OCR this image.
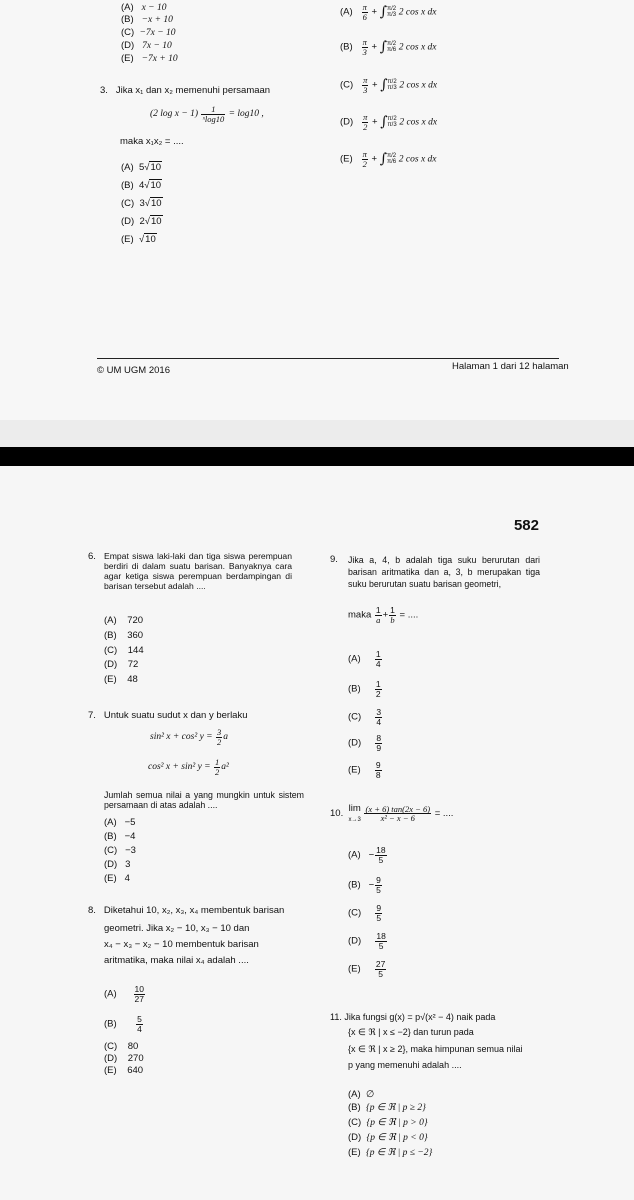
(A) x − 10
(B) −x + 10
(C) −7x − 10
(D) 7x − 10
(E) −7x + 10
3. Jika x₁ dan x₂ memenuhi persamaan
(2 $\log x - 1) \frac{1}{\text{ˣlog10}} = \log 10$ ,
maka x₁x₂ = ....
(A) 5√10
(B) 4√10
(C) 3√10
(D) 2√10
(E) √10
$(A) \frac{\pi}{6} + \int\pi/2$
π/3 2 cos x dx
$(B) \frac{\pi}{3} + \int\pi/2$
π/6 2 cos x dx
$(C) \frac{\pi}{3} + \int\pi/2$
π/3 2 cos x dx
$(D) \frac{\pi}{2} + \int\pi/2$
π/3 2 cos x dx
$(E) \frac{\pi}{2} + \int\pi/2$
π/6 2 cos x dx
© UM UGM 2016	Halaman 1 dari 12 halaman
582
6. Empat siswa laki-laki dan tiga siswa perempuan berdiri di dalam suatu barisan. Banyaknya cara agar ketiga siswa perempuan berdampingan di barisan tersebut adalah ....
(A) 720
(B) 360
(C) 144
(D) 72
(E) 48
7. Untuk suatu sudut x dan y berlaku
sin² x + cos² $y = \frac{3}{2}$ a
cos² x + sin² $y = \frac{1}{2} a^2$
Jumlah semua nilai a yang mungkin untuk sistem persamaan di atas adalah ....
(A) −5
(B) −4
(C) −3
(D) 3
(E) 4
8. Diketahui 10, x₂, x₃, x₄ membentuk barisan
geometri. Jika x₂ − 10, x₃ − 10 dan
x₄ − x₃ − x₂ − 10 membentuk barisan
aritmatika, maka nilai x₄ adalah ....
$(A) \frac{10}{27}$
$(B) \frac{5}{4}$
(C) 80
(D) 270
(E) 640
9. Jika a, 4, b adalah tiga suku berurutan dari barisan aritmatika dan a, 3, b merupakan tiga suku berurutan suatu barisan geometri,
maka $\frac{1}{a} + \frac{1}{b}$ = ....
$(A) \frac{1}{4}$
$(B) \frac{1}{2}$
$(C) \frac{3}{4}$
$(D) \frac{8}{9}$
$(E) \frac{9}{8}$
10. lim
$x\to 3 \frac{(x + 6) \tan(2x - 6)}{\text{x² − x − 6}}$ = ....
$(A) - \frac{18}{5}$
$(B) - \frac{9}{5}$
$(C) \frac{9}{5}$
$(D) \frac{18}{5}$
$(E) \frac{27}{5}$
11. Jika fungsi g(x) = p√(x² − 4) naik pada
{x ∈ ℜ | x ≤ −2} dan turun pada
{x ∈ ℜ | x ≥ 2}, maka himpunan semua nilai
p yang memenuhi adalah ....
(A) ∅
(B) {p ∈ ℜ | p ≥ 2}
(C) {p ∈ ℜ | p > 0}
(D) {p ∈ ℜ | p < 0}
(E) {p ∈ ℜ | p ≤ −2}
